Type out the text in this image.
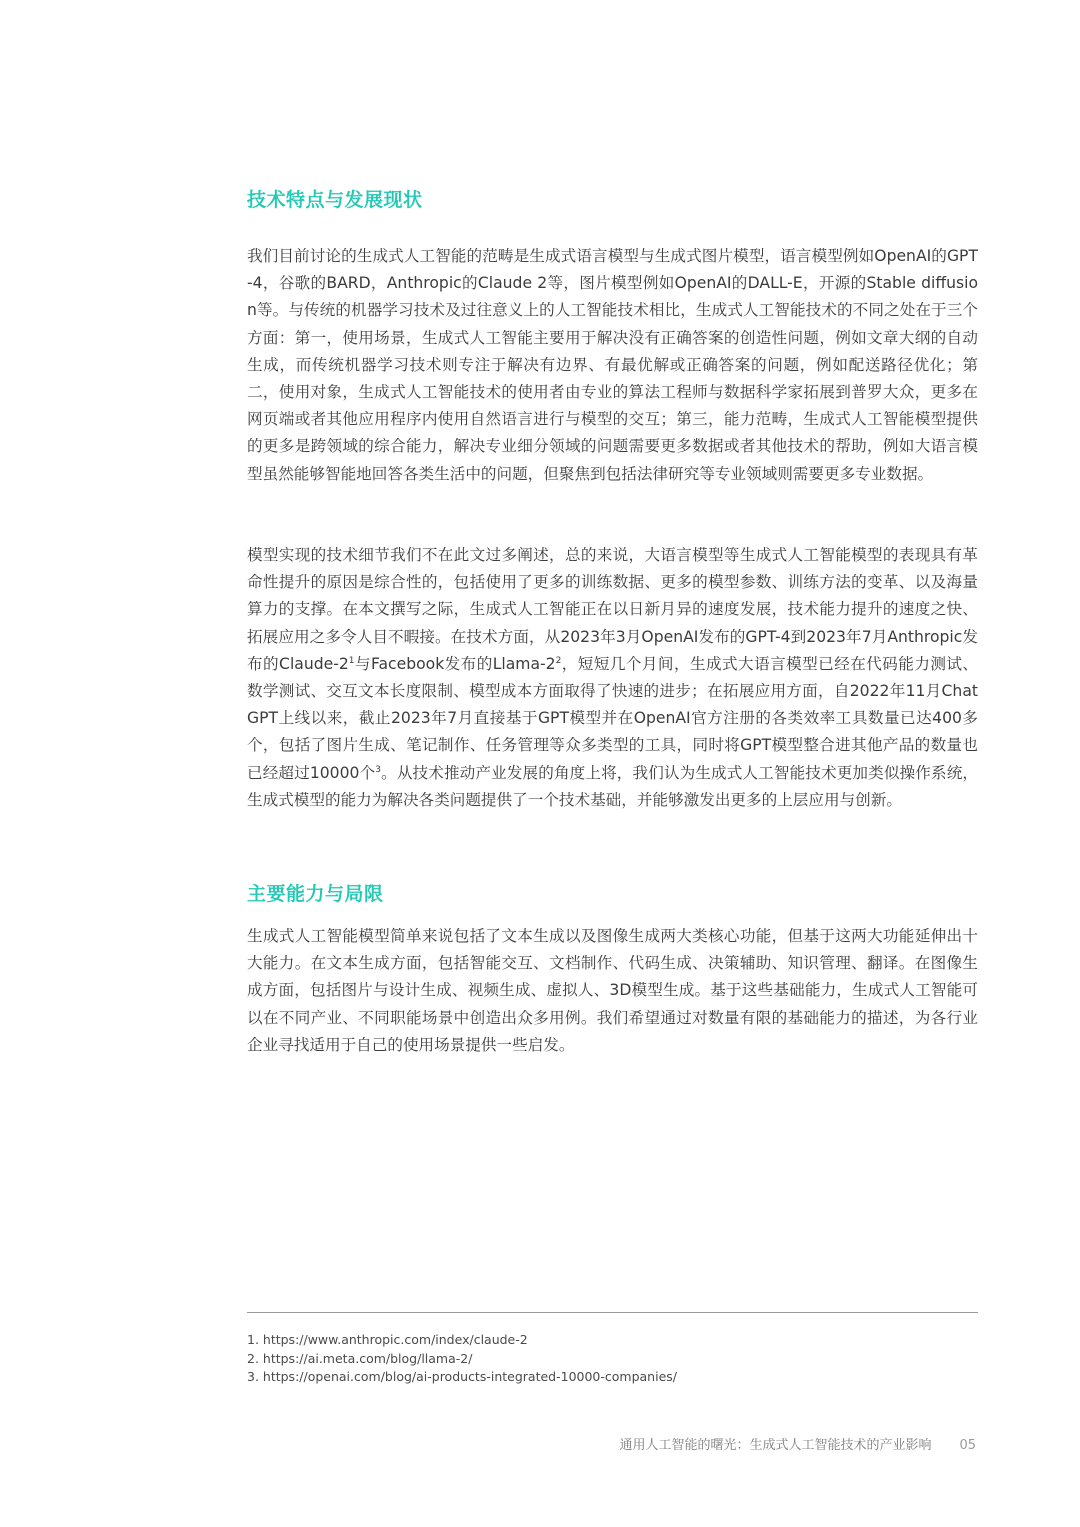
技术特点与发展现状

我们目前讨论的生成式人工智能的范畴是生成式语言模型与生成式图片模型，语言模型例如OpenAI的GPT-4，谷歌的BARD，Anthropic的Claude 2等，图片模型例如OpenAI的DALL-E，开源的Stable diffusion等。与传统的机器学习技术及过往意义上的人工智能技术相比，生成式人工智能技术的不同之处在于三个方面：第一，使用场景，生成式人工智能主要用于解决没有正确答案的创造性问题，例如文章大纲的自动生成，而传统机器学习技术则专注于解决有边界、有最优解或正确答案的问题，例如配送路径优化；第二，使用对象，生成式人工智能技术的使用者由专业的算法工程师与数据科学家拓展到普罗大众，更多在网页端或者其他应用程序内使用自然语言进行与模型的交互；第三，能力范畴，生成式人工智能模型提供的更多是跨领域的综合能力，解决专业细分领域的问题需要更多数据或者其他技术的帮助，例如大语言模型虽然能够智能地回答各类生活中的问题，但聚焦到包括法律研究等专业领域则需要更多专业数据。

模型实现的技术细节我们不在此文过多阐述，总的来说，大语言模型等生成式人工智能模型的表现具有革命性提升的原因是综合性的，包括使用了更多的训练数据、更多的模型参数、训练方法的变革、以及海量算力的支撑。在本文撰写之际，生成式人工智能正在以日新月异的速度发展，技术能力提升的速度之快、拓展应用之多令人目不暇接。在技术方面，从2023年3月OpenAI发布的GPT-4到2023年7月Anthropic发布的Claude-$2^1$与Facebook发布的Llama-$2^2$，短短几个月间，生成式大语言模型已经在代码能力测试、数学测试、交互文本长度限制、模型成本方面取得了快速的进步；在拓展应用方面，自2022年11月ChatGPT上线以来，截止2023年7月直接基于GPT模型并在OpenAI官方注册的各类效率工具数量已达400多个，包括了图片生成、笔记制作、任务管理等众多类型的工具，同时将GPT模型整合进其他产品的数量也已经超过10000个$^3$。从技术推动产业发展的角度上将，我们认为生成式人工智能技术更加类似操作系统，生成式模型的能力为解决各类问题提供了一个技术基础，并能够激发出更多的上层应用与创新。

主要能力与局限

生成式人工智能模型简单来说包括了文本生成以及图像生成两大类核心功能，但基于这两大功能延伸出十大能力。在文本生成方面，包括智能交互、文档制作、代码生成、决策辅助、知识管理、翻译。在图像生成方面，包括图片与设计生成、视频生成、虚拟人、3D模型生成。基于这些基础能力，生成式人工智能可以在不同产业、不同职能场景中创造出众多用例。我们希望通过对数量有限的基础能力的描述，为各行业企业寻找适用于自己的使用场景提供一些启发。

1. https://www.anthropic.com/index/claude-2
2. https://ai.meta.com/blog/llama-2/
3. https://openai.com/blog/ai-products-integrated-10000-companies/
通用人工智能的曙光：生成式人工智能技术的产业影响 05
